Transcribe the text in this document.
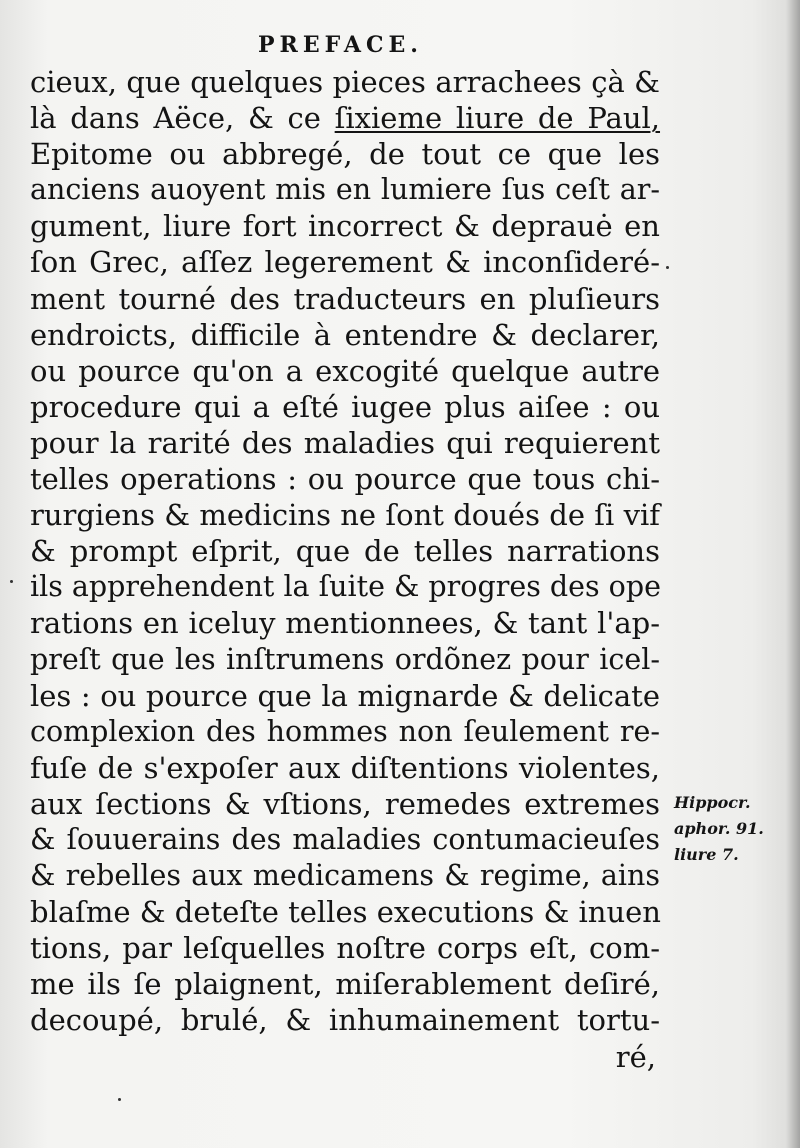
PREFACE.
cieux, que quelques pieces arrachees çà &
là dans Aëce, & ce ſixieme liure de Paul,
Epitome ou abbregé, de tout ce que les
anciens auoyent mis en lumiere ſus ceſt ar-
gument, liure fort incorrect & deprauė en
ſon Grec, aſſez legerement & inconſideré-
ment tourné des traducteurs en pluſieurs
endroicts, difficile à entendre & declarer,
ou pource qu'on a excogité quelque autre
procedure qui a eſté iugee plus aiſee : ou
pour la rarité des maladies qui requierent
telles operations : ou pource que tous chi-
rurgiens & medicins ne ſont doués de ſi vif
& prompt eſprit, que de telles narrations
ils apprehendent la ſuite & progres des ope
rations en iceluy mentionnees, & tant l'ap-
preſt que les inſtrumens ordõnez pour icel-
les : ou pource que la mignarde & delicate
complexion des hommes non ſeulement re-
fuſe de s'expoſer aux diſtentions violentes,
aux ſections & vſtions, remedes extremes
& ſouuerains des maladies contumacieuſes
& rebelles aux medicamens & regime, ains
blaſme & deteſte telles executions & inuen
tions, par leſquelles noſtre corps eſt, com-
me ils ſe plaignent, miſerablement deſiré,
decoupé, brulé, & inhumainement tortu-
ré,
Hippocr.
aphor. 91.
liure 7.
